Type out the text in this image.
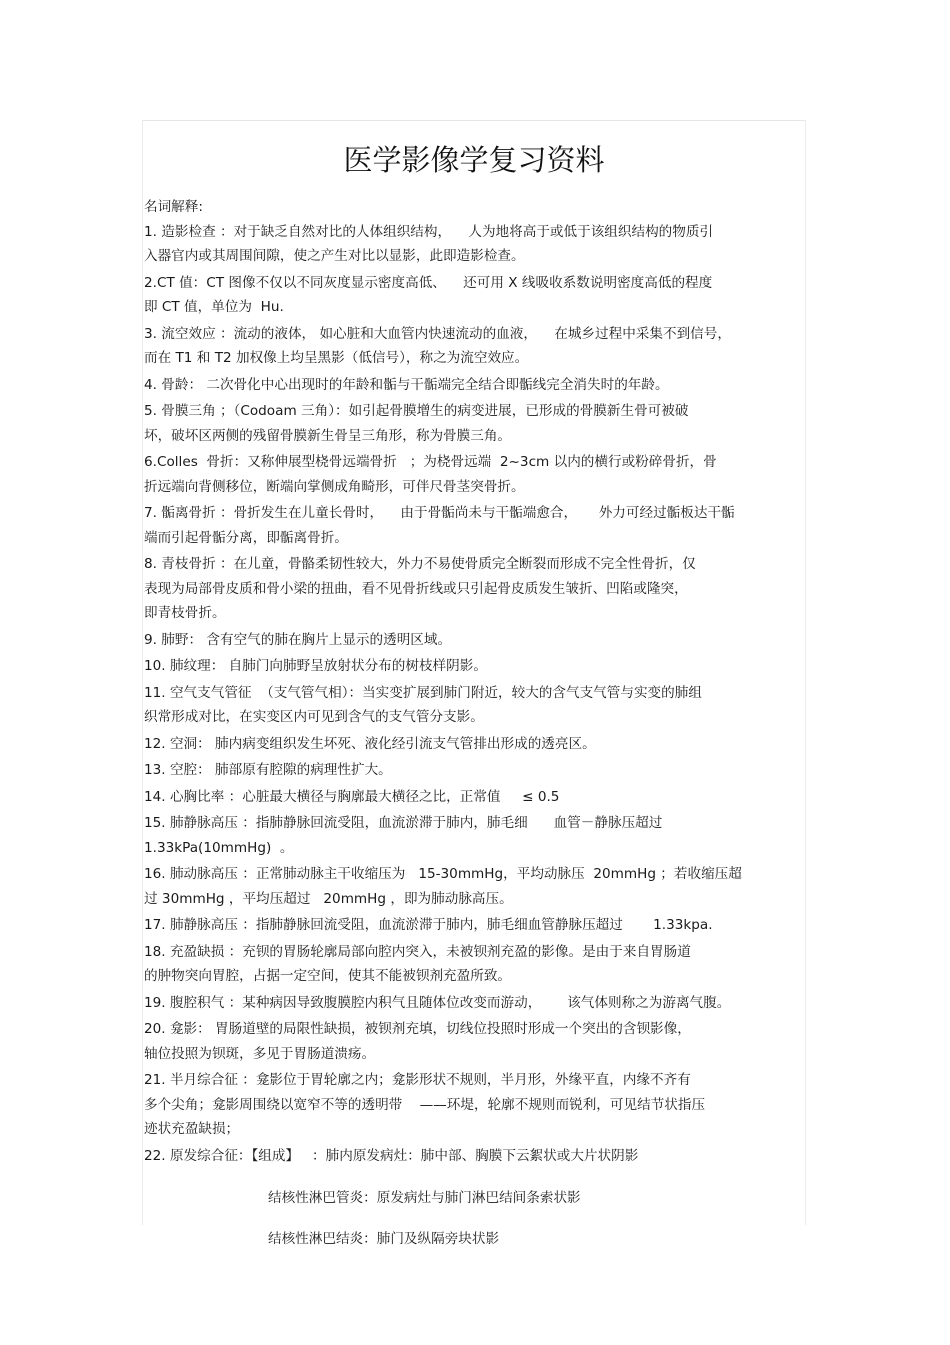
医学影像学复习资料
名词解释:
1. 造影检查 ：对于缺乏自然对比的人体组织结构，    人为地将高于或低于该组织结构的物质引
入器官内或其周围间隙，使之产生对比以显影，此即造影检查。
2.CT 值：CT 图像不仅以不同灰度显示密度高低、    还可用 X 线吸收系数说明密度高低的程度
即 CT 值，单位为  Hu.
3. 流空效应 ：流动的液体， 如心脏和大血管内快速流动的血液，    在城乡过程中采集不到信号，
而在 T1 和 T2 加权像上均呈黑影（低信号），称之为流空效应。
4. 骨龄： 二次骨化中心出现时的年龄和骺与干骺端完全结合即骺线完全消失时的年龄。
5. 骨膜三角 ；（Codoam 三角）：如引起骨膜增生的病变进展，已形成的骨膜新生骨可被破
坏，破坏区两侧的残留骨膜新生骨呈三角形，称为骨膜三角。
6.Colles  骨折：又称伸展型桡骨远端骨折   ；为桡骨远端  2~3cm 以内的横行或粉碎骨折，骨
折远端向背侧移位，断端向掌侧成角畸形，可伴尺骨茎突骨折。
7. 骺离骨折 ：骨折发生在儿童长骨时，    由于骨骺尚未与干骺端愈合，     外力可经过骺板达干骺
端而引起骨骺分离，即骺离骨折。
8. 青枝骨折 ：在儿童，骨骼柔韧性较大，外力不易使骨质完全断裂而形成不完全性骨折，仅
表现为局部骨皮质和骨小梁的扭曲，看不见骨折线或只引起骨皮质发生皱折、凹陷或隆突，
即青枝骨折。
9. 肺野： 含有空气的肺在胸片上显示的透明区域。
10. 肺纹理： 自肺门向肺野呈放射状分布的树枝样阴影。
11. 空气支气管征  （支气管气相）：当实变扩展到肺门附近，较大的含气支气管与实变的肺组
织常形成对比，在实变区内可见到含气的支气管分支影。
12. 空洞： 肺内病变组织发生坏死、液化经引流支气管排出形成的透亮区。
13. 空腔： 肺部原有腔隙的病理性扩大。
14. 心胸比率 ：心脏最大横径与胸廓最大横径之比，正常值     ≤ 0.5
15. 肺静脉高压 ：指肺静脉回流受阻，血流淤滞于肺内，肺毛细      血管－静脉压超过
1.33kPa(10mmHg)  。
16. 肺动脉高压 ：正常肺动脉主干收缩压为   15-30mmHg，平均动脉压  20mmHg ；若收缩压超
过 30mmHg ，平均压超过   20mmHg ，即为肺动脉高压。
17. 肺静脉高压 ：指肺静脉回流受阻，血流淤滞于肺内，肺毛细血管静脉压超过       1.33kpa.
18. 充盈缺损 ：充钡的胃肠轮廓局部向腔内突入，未被钡剂充盈的影像。是由于来自胃肠道
的肿物突向胃腔，占据一定空间，使其不能被钡剂充盈所致。
19. 腹腔积气 ：某种病因导致腹膜腔内积气且随体位改变而游动，      该气体则称之为游离气腹。
20. 龛影： 胃肠道壁的局限性缺损，被钡剂充填，切线位投照时形成一个突出的含钡影像，
轴位投照为钡斑，多见于胃肠道溃疡。
21. 半月综合征 ：龛影位于胃轮廓之内；龛影形状不规则，半月形，外缘平直，内缘不齐有
多个尖角；龛影周围绕以宽窄不等的透明带    ——环堤，轮廓不规则而锐利，可见结节状指压
迹状充盈缺损；
22. 原发综合征：【组成】   ：肺内原发病灶：肺中部、胸膜下云絮状或大片状阴影
结核性淋巴管炎：原发病灶与肺门淋巴结间条索状影
结核性淋巴结炎：肺门及纵隔旁块状影
